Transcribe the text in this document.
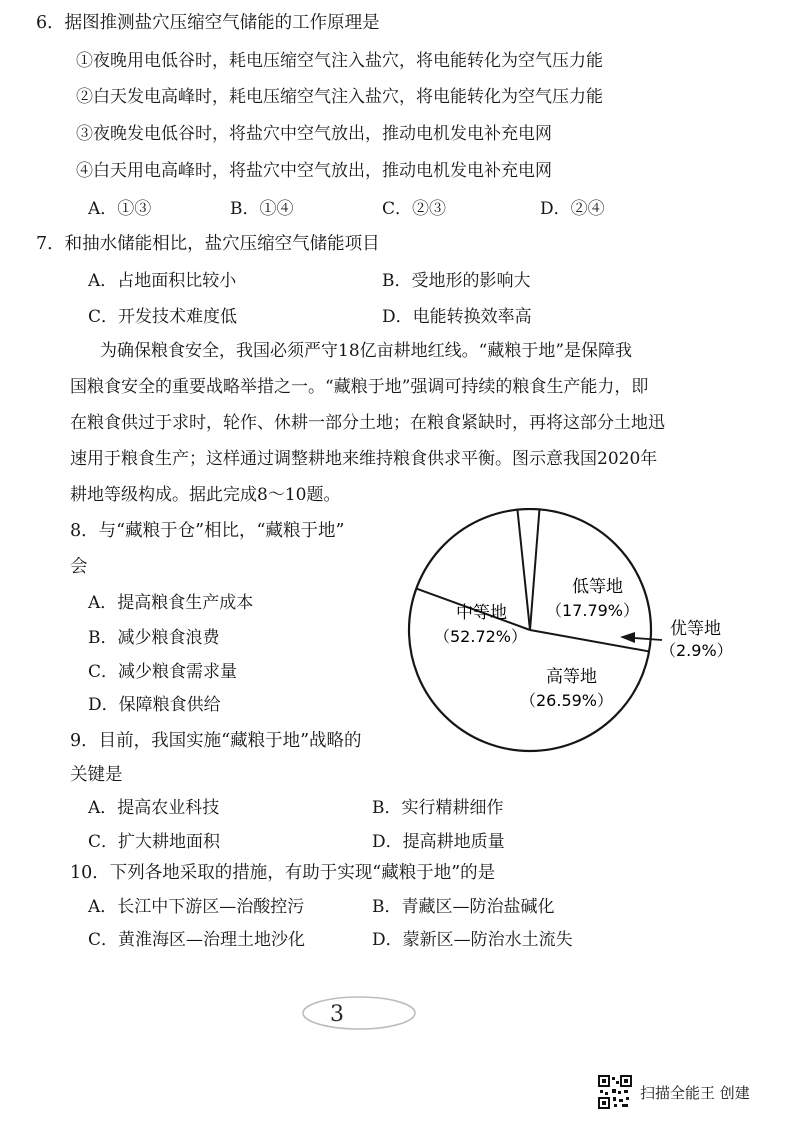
6．据图推测盐穴压缩空气储能的工作原理是
①夜晚用电低谷时，耗电压缩空气注入盐穴，将电能转化为空气压力能
②白天发电高峰时，耗电压缩空气注入盐穴，将电能转化为空气压力能
③夜晚发电低谷时，将盐穴中空气放出，推动电机发电补充电网
④白天用电高峰时，将盐穴中空气放出，推动电机发电补充电网
A．①③	B．①④	C．②③	D．②④
7．和抽水储能相比，盐穴压缩空气储能项目
A．占地面积比较小	B．受地形的影响大
C．开发技术难度低	D．电能转换效率高
为确保粮食安全，我国必须严守18亿亩耕地红线。“藏粮于地”是保障我
国粮食安全的重要战略举措之一。“藏粮于地”强调可持续的粮食生产能力，即
在粮食供过于求时，轮作、休耕一部分土地；在粮食紧缺时，再将这部分土地迅
速用于粮食生产；这样通过调整耕地来维持粮食供求平衡。图示意我国2020年
耕地等级构成。据此完成8～10题。
8．与“藏粮于仓”相比，“藏粮于地”
会
A．提高粮食生产成本
B．减少粮食浪费
C．减少粮食需求量
D．保障粮食供给
9．目前，我国实施“藏粮于地”战略的
关键是
A．提高农业科技	B．实行精耕细作
C．扩大耕地面积	D．提高耕地质量
10．下列各地采取的措施，有助于实现“藏粮于地”的是
A．长江中下游区—治酸控污	B．青藏区—防治盐碱化
C．黄淮海区—治理土地沙化	D．蒙新区—防治水土流失
中等地
（52.72%）
低等地
（17.79%）
高等地
（26.59%）
优等地
（2.9%）
3
扫描全能王 创建
